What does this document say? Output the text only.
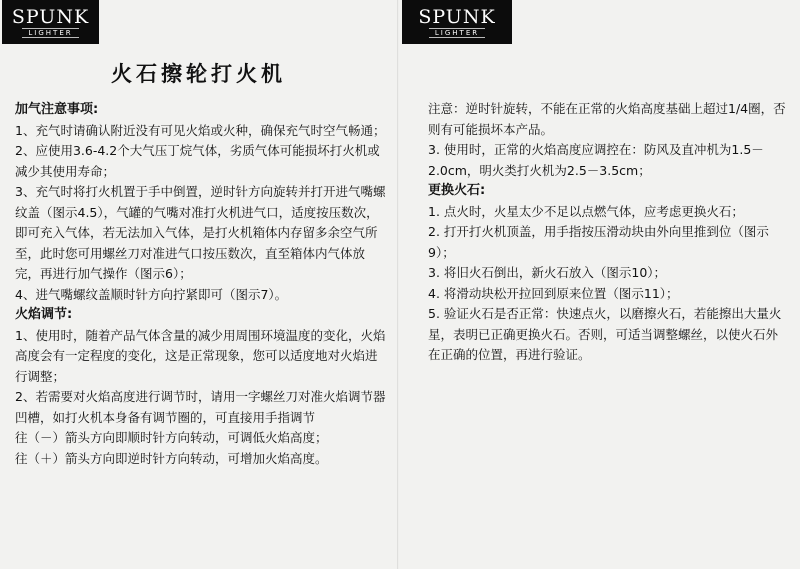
SPUNK
LIGHTER
火石擦轮打火机

加气注意事项:

1、充气时请确认附近没有可见火焰或火种，确保充气时空气畅通；

2、应使用3.6-4.2个大气压丁烷气体，劣质气体可能损坏打火机或减少其使用寿命；

3、充气时将打火机置于手中倒置，逆时针方向旋转并打开进气嘴螺纹盖（图示4.5），气罐的气嘴对准打火机进气口，适度按压数次，即可充入气体，若无法加入气体，是打火机箱体内存留多余空气所至，此时您可用螺丝刀对准进气口按压数次，直至箱体内气体放完，再进行加气操作（图示6）；

4、进气嘴螺纹盖顺时针方向拧紧即可（图示7）。

火焰调节:

1、使用时，随着产品气体含量的减少用周围环境温度的变化，火焰高度会有一定程度的变化，这是正常现象，您可以适度地对火焰进行调整；

2、若需要对火焰高度进行调节时，请用一字螺丝刀对准火焰调节器凹槽，如打火机本身备有调节圈的，可直接用手指调节

往（－）箭头方向即顺时针方向转动，可调低火焰高度；

往（＋）箭头方向即逆时针方向转动，可增加火焰高度。

SPUNK
LIGHTER

注意：逆时针旋转，不能在正常的火焰高度基础上超过1/4圈，否则有可能损坏本产品。

3. 使用时，正常的火焰高度应调控在：防风及直冲机为1.5－2.0cm，明火类打火机为2.5－3.5cm；

更换火石:

1. 点火时，火星太少不足以点燃气体，应考虑更换火石；

2. 打开打火机顶盖，用手指按压滑动块由外向里推到位（图示9）；

3. 将旧火石倒出，新火石放入（图示10）；

4. 将滑动块松开拉回到原来位置（图示11）；

5. 验证火石是否正常：快速点火，以磨擦火石，若能擦出大量火星，表明已正确更换火石。否则，可适当调整螺丝，以使火石外在正确的位置，再进行验证。
